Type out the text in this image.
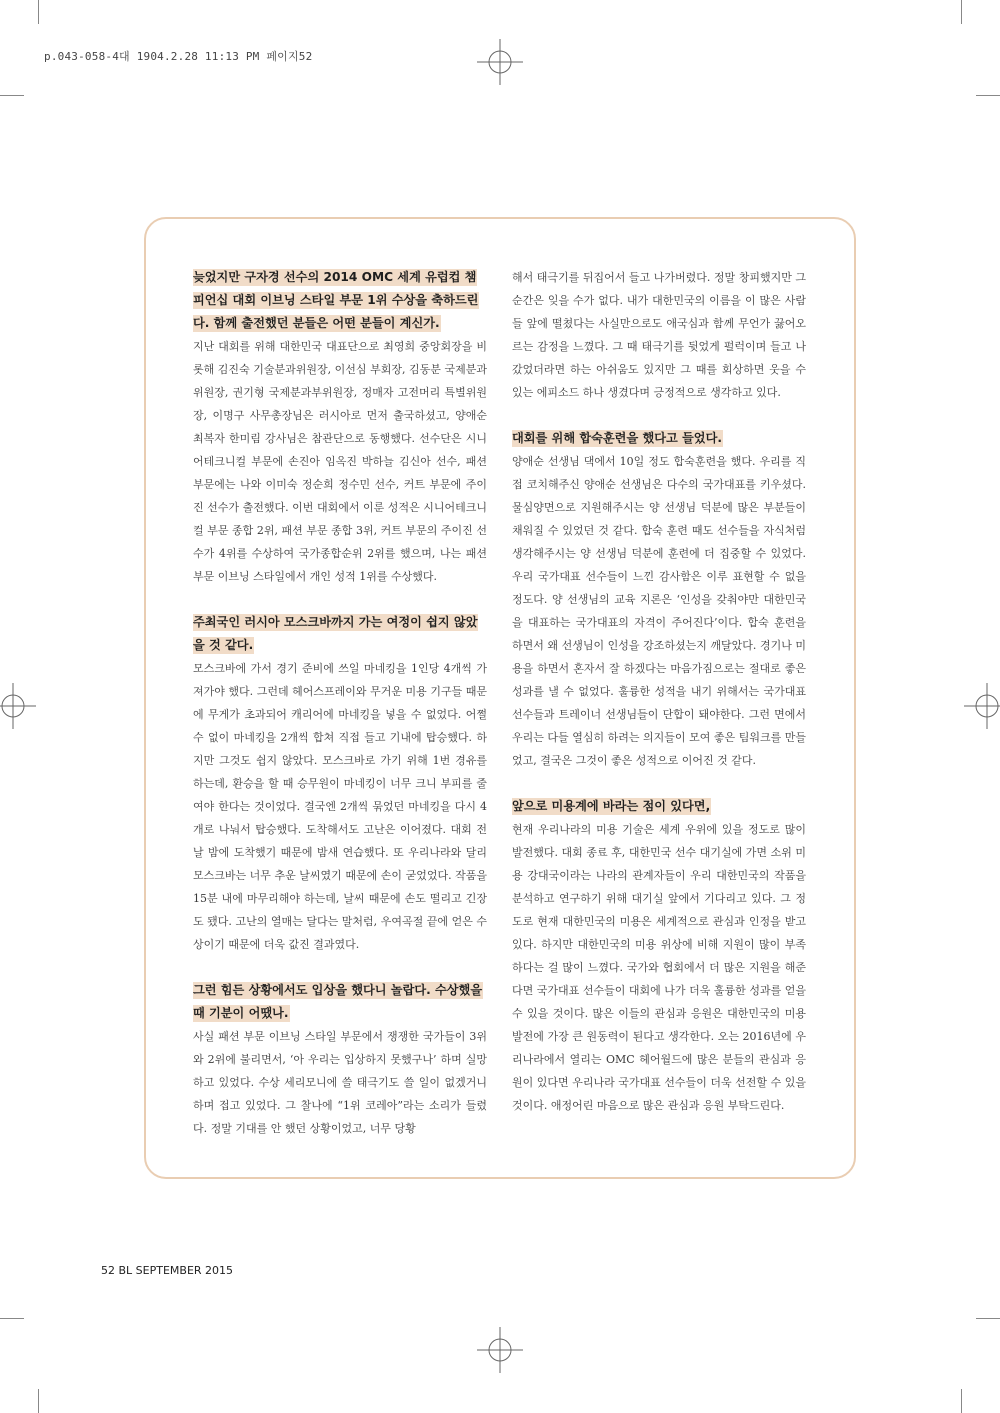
p.043-058-4대 1904.2.28 11:13 PM 페이지52

늦었지만 구자경 선수의 2014 OMC 세계 유럽컵 챔피언십 대회 이브닝 스타일 부문 1위 수상을 축하드린다. 함께 출전했던 분들은 어떤 분들이 계신가.

지난 대회를 위해 대한민국 대표단으로 최영희 중앙회장을 비롯해 김진숙 기술분과위원장, 이선심 부회장, 김동분 국제분과위원장, 권기형 국제분과부위원장, 정매자 고전머리 특별위원장, 이명구 사무총장님은 러시아로 먼저 출국하셨고, 양애순 최복자 한미림 강사님은 참관단으로 동행했다. 선수단은 시니어테크니컬 부문에 손진아 임옥진 박하늘 김신아 선수, 패션 부문에는 나와 이미숙 정순희 정수민 선수, 커트 부문에 주이진 선수가 출전했다. 이번 대회에서 이룬 성적은 시니어테크니컬 부문 종합 2위, 패션 부문 종합 3위, 커트 부문의 주이진 선수가 4위를 수상하여 국가종합순위 2위를 했으며, 나는 패션 부문 이브닝 스타일에서 개인 성적 1위를 수상했다.

주최국인 러시아 모스크바까지 가는 여정이 쉽지 않았을 것 같다.

모스크바에 가서 경기 준비에 쓰일 마네킹을 1인당 4개씩 가져가야 했다. 그런데 헤어스프레이와 무거운 미용 기구들 때문에 무게가 초과되어 캐리어에 마네킹을 넣을 수 없었다. 어쩔 수 없이 마네킹을 2개씩 합쳐 직접 들고 기내에 탑승했다. 하지만 그것도 쉽지 않았다. 모스크바로 가기 위해 1번 경유를 하는데, 환승을 할 때 승무원이 마네킹이 너무 크니 부피를 줄여야 한다는 것이었다. 결국엔 2개씩 묶었던 마네킹을 다시 4개로 나눠서 탑승했다. 도착해서도 고난은 이어졌다. 대회 전날 밤에 도착했기 때문에 밤새 연습했다. 또 우리나라와 달리 모스크바는 너무 추운 날씨였기 때문에 손이 굳었었다. 작품을 15분 내에 마무리해야 하는데, 날씨 때문에 손도 떨리고 긴장도 됐다. 고난의 열매는 달다는 말처럼, 우여곡절 끝에 얻은 수상이기 때문에 더욱 값진 결과였다.

그런 힘든 상황에서도 입상을 했다니 놀랍다. 수상했을 때 기분이 어땠나.

사실 패션 부문 이브닝 스타일 부문에서 쟁쟁한 국가들이 3위와 2위에 불리면서, ‘아 우리는 입상하지 못했구나’ 하며 실망하고 있었다. 수상 세리모니에 쓸 태극기도 쓸 일이 없겠거니 하며 접고 있었다. 그 찰나에 “1위 코레아”라는 소리가 들렸다. 정말 기대를 안 했던 상황이었고, 너무 당황

해서 태극기를 뒤집어서 들고 나가버렸다. 정말 창피했지만 그 순간은 잊을 수가 없다. 내가 대한민국의 이름을 이 많은 사람들 앞에 떨쳤다는 사실만으로도 애국심과 함께 무언가 끓어오르는 감정을 느꼈다. 그 때 태극기를 뒷었게 펄럭이며 들고 나갔었더라면 하는 아쉬움도 있지만 그 때를 회상하면 웃을 수 있는 에피소드 하나 생겼다며 긍정적으로 생각하고 있다.

대회를 위해 합숙훈련을 했다고 들었다.

양애순 선생님 댁에서 10일 정도 합숙훈련을 했다. 우리를 직접 코치해주신 양애순 선생님은 다수의 국가대표를 키우셨다. 물심양면으로 지원해주시는 양 선생님 덕분에 많은 부분들이 채워질 수 있었던 것 같다. 합숙 훈련 때도 선수들을 자식처럼 생각해주시는 양 선생님 덕분에 훈련에 더 집중할 수 있었다. 우리 국가대표 선수들이 느낀 감사함은 이루 표현할 수 없을 정도다. 양 선생님의 교육 지론은 ‘인성을 갖춰야만 대한민국을 대표하는 국가대표의 자격이 주어진다’이다. 합숙 훈련을 하면서 왜 선생님이 인성을 강조하셨는지 깨달았다. 경기나 미용을 하면서 혼자서 잘 하겠다는 마음가짐으로는 절대로 좋은 성과를 낼 수 없었다. 훌륭한 성적을 내기 위해서는 국가대표선수들과 트레이너 선생님들이 단합이 돼야한다. 그런 면에서 우리는 다들 열심히 하려는 의지들이 모여 좋은 팀워크를 만들었고, 결국은 그것이 좋은 성적으로 이어진 것 같다.

앞으로 미용계에 바라는 점이 있다면,

현재 우리나라의 미용 기술은 세계 우위에 있을 정도로 많이 발전했다. 대회 종료 후, 대한민국 선수 대기실에 가면 소위 미용 강대국이라는 나라의 관계자들이 우리 대한민국의 작품을 분석하고 연구하기 위해 대기실 앞에서 기다리고 있다. 그 정도로 현재 대한민국의 미용은 세계적으로 관심과 인정을 받고 있다. 하지만 대한민국의 미용 위상에 비해 지원이 많이 부족하다는 걸 많이 느꼈다. 국가와 협회에서 더 많은 지원을 해준다면 국가대표 선수들이 대회에 나가 더욱 훌륭한 성과를 얻을 수 있을 것이다. 많은 이들의 관심과 응원은 대한민국의 미용발전에 가장 큰 원동력이 된다고 생각한다. 오는 2016년에 우리나라에서 열리는 OMC 헤어월드에 많은 분들의 관심과 응원이 있다면 우리나라 국가대표 선수들이 더욱 선전할 수 있을 것이다. 애정어린 마음으로 많은 관심과 응원 부탁드린다.

52 BL SEPTEMBER 2015
